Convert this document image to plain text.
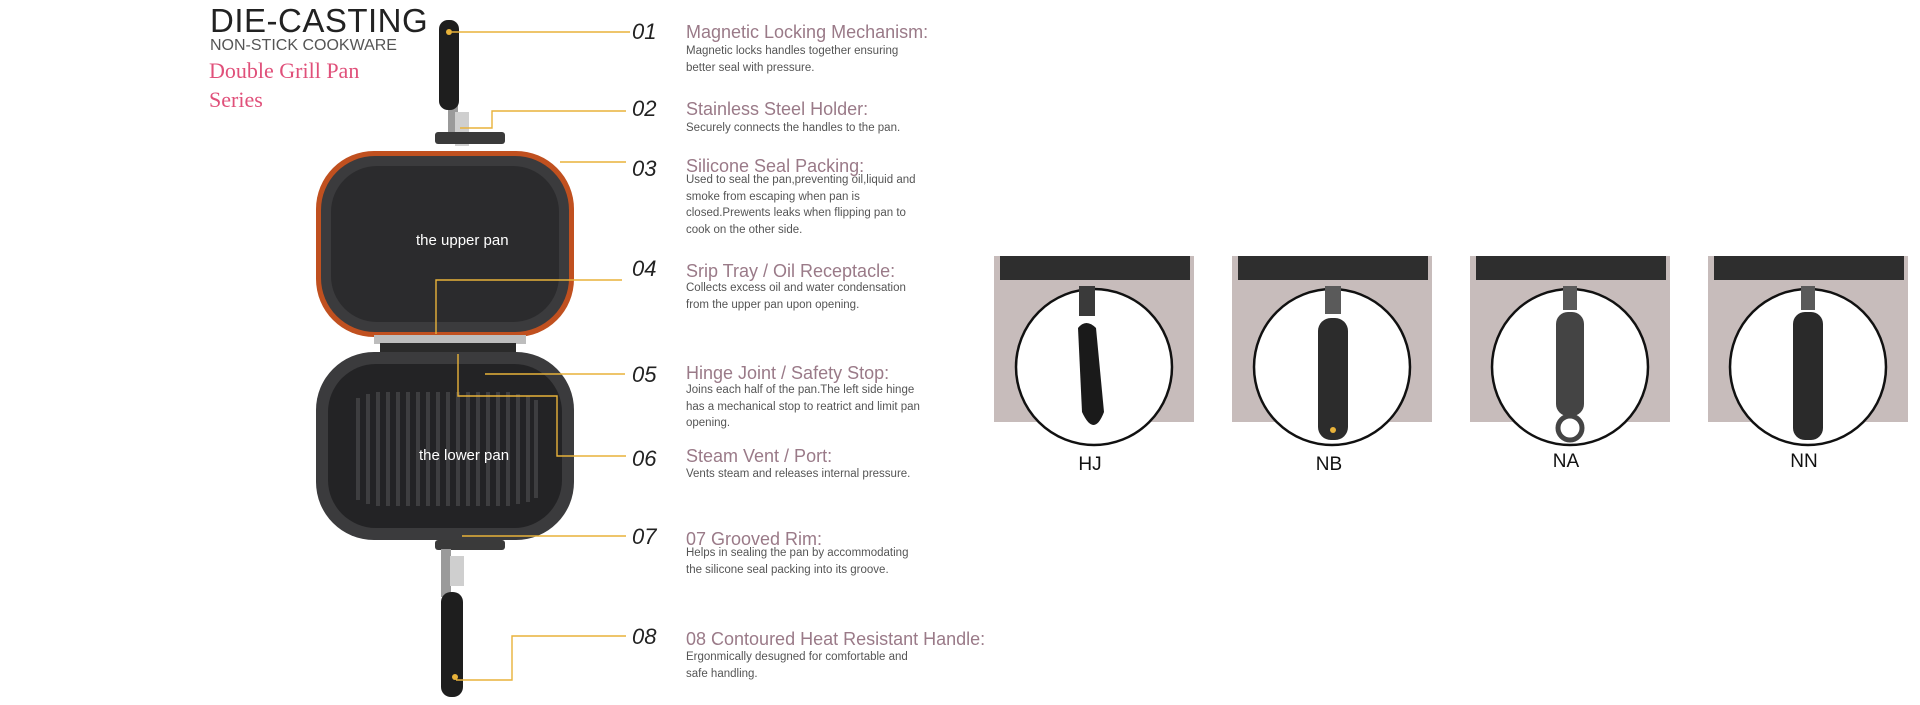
DIE-CASTING
NON-STICK COOKWARE
Double Grill Pan Series
the upper pan
the lower pan
01 Magnetic Locking Mechanism:
Magnetic locks handles together ensuring better seal with pressure.
02 Stainless Steel Holder:
Securely connects the handles to the pan.
03 Silicone Seal Packing:
Used to seal the pan,preventing oil,liquid and smoke from escaping when pan is closed.Prewents leaks when flipping pan to cook on the other side.
04 Srip Tray / Oil Receptacle:
Collects excess oil and water condensation from the upper pan upon opening.
05 Hinge Joint / Safety Stop:
Joins each half of the pan.The left side hinge has a mechanical stop to reatrict and limit pan opening.
06 Steam Vent / Port:
Vents steam and releases internal pressure.
07 07 Grooved Rim:
Helps in sealing the pan by accommodating the silicone seal packing into its groove.
08 08 Contoured Heat Resistant Handle:
Ergonmically desugned for comfortable and safe handling.
HJ	NB	NA	NN
